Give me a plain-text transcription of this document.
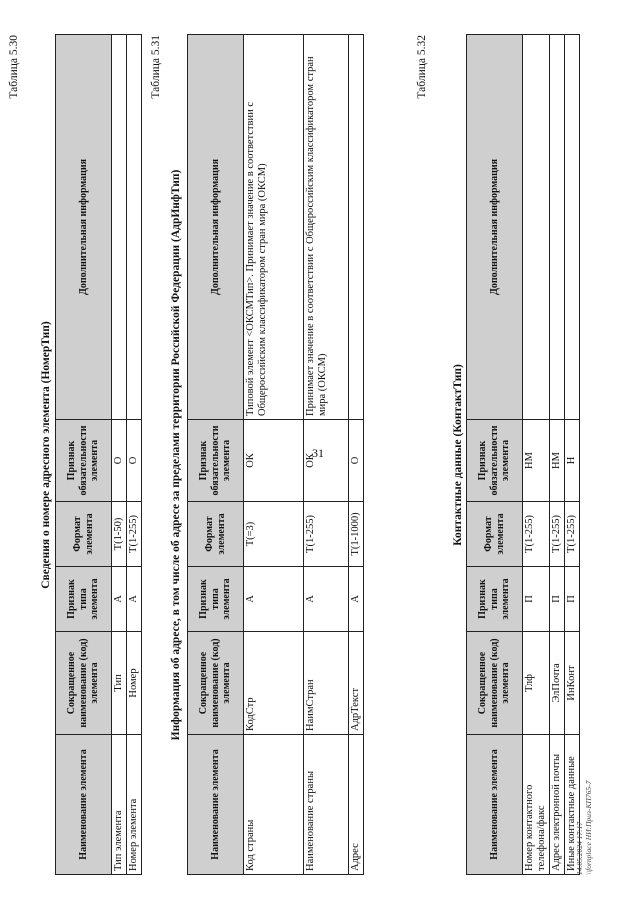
31
Таблица 5.30
Сведения о номере адресного элемента (НомерТип)
Наименование элемента	Сокращенное наименование (код) элемента	Признак типа элемента	Формат элемента	Признак обязательности элемента	Дополнительная информация
Тип элемента	Тип	А	T(1-50)	О	
Номер элемента	Номер	А	T(1-255)	О	
Таблица 5.31
Информация об адресе, в том числе об адресе за пределами территории Российской Федерации (АдрИнфТип)
Наименование элемента	Сокращенное наименование (код) элемента	Признак типа элемента	Формат элемента	Признак обязательности элемента	Дополнительная информация
Код страны	КодСтр	А	T(=3)	ОК	Типовой элемент <ОКСМТип>. Принимает значение в соответствии с Общероссийским классификатором стран мира (ОКСМ)
Наименование страны	НаимСтран	А	T(1-255)	ОК	Принимает значение в соответствии с Общероссийским классификатором стран мира (ОКСМ)
Адрес	АдрТекст	А	T(1-1000)	О	
Таблица 5.32
Контактные данные (КонтактТип)
Наименование элемента	Сокращенное наименование (код) элемента	Признак типа элемента	Формат элемента	Признак обязательности элемента	Дополнительная информация
Номер контактного телефона/факс	Тлф	П	T(1-255)	НМ	
Адрес электронной почты	ЭлПочта	П	T(1-255)	НМ	
Иные контактные данные	ИнКонт	П	T(1-255)	Н	
14.05.2024 17:17 \\fornplace НИ:Приз-КП765-7
